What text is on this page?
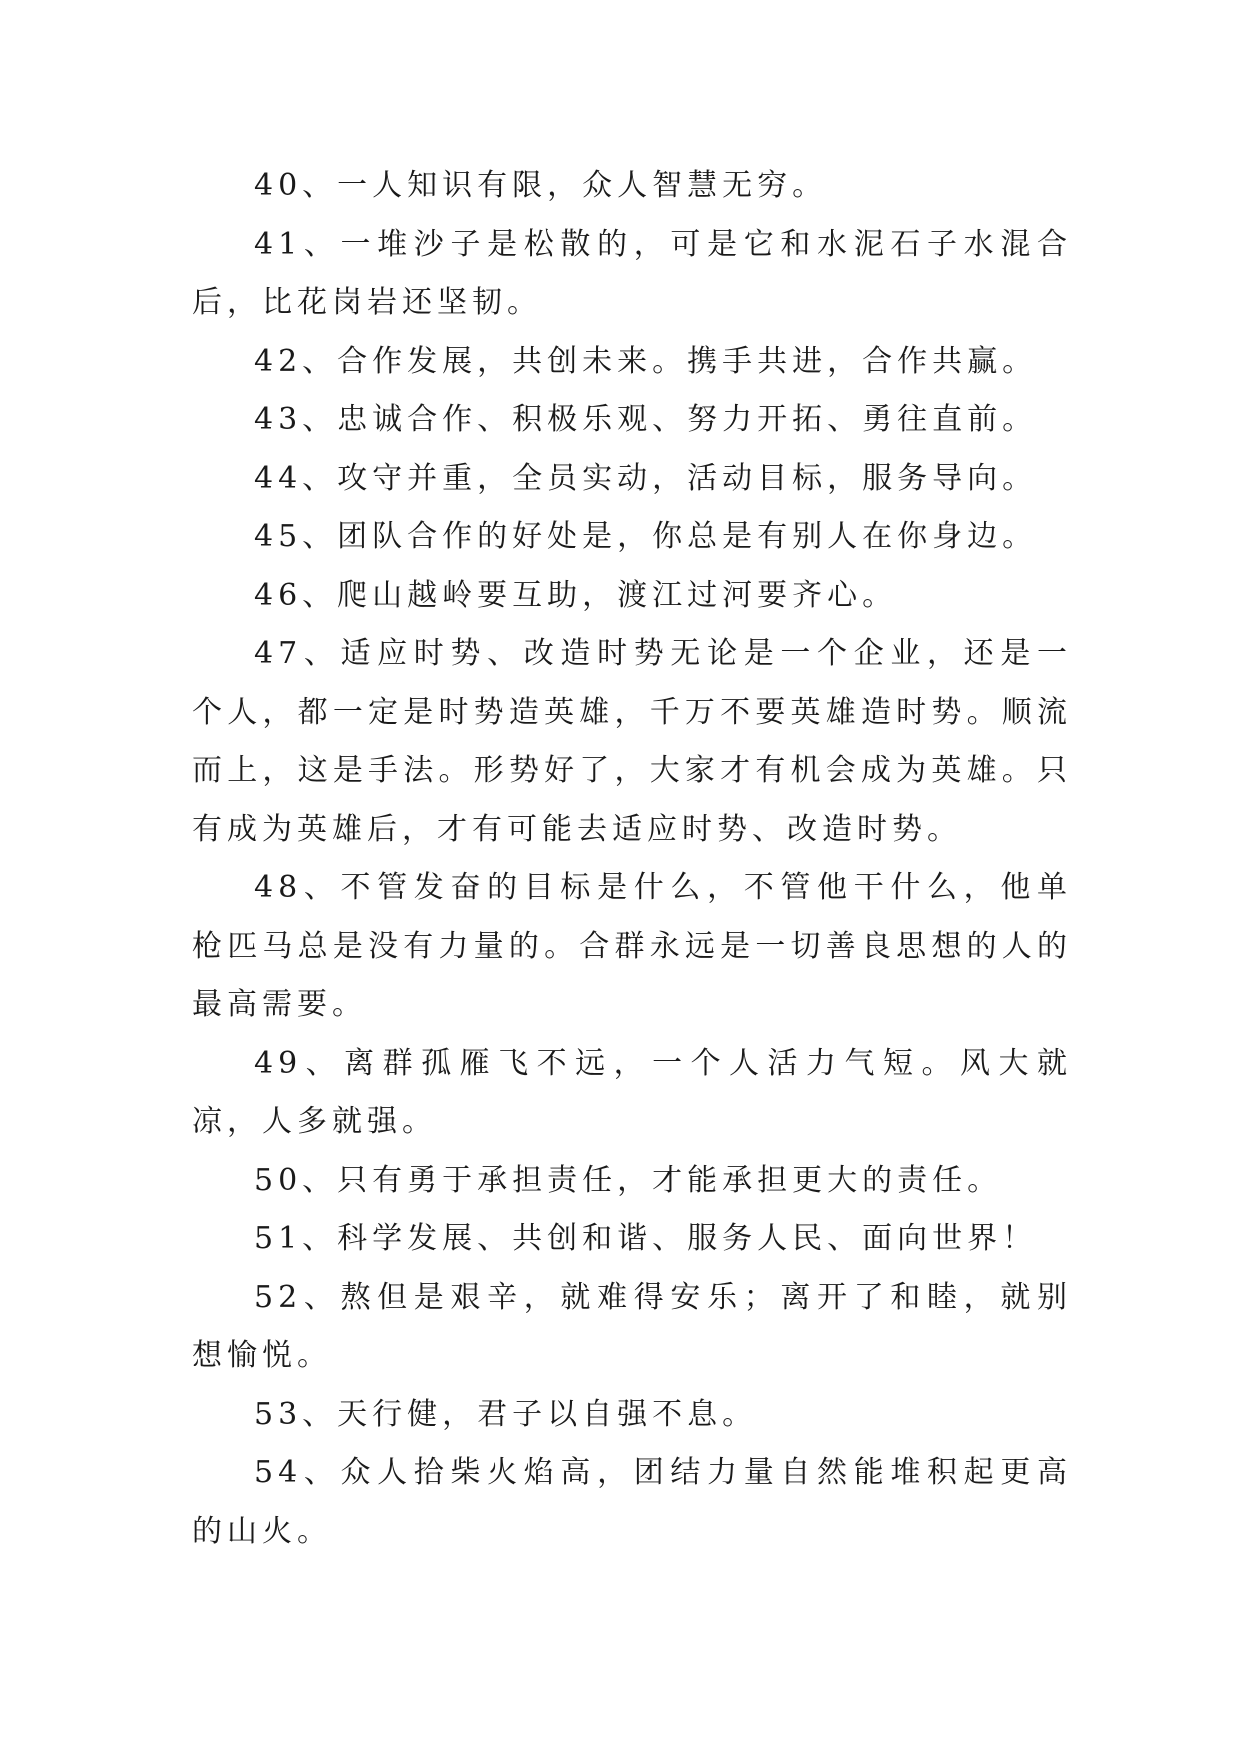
40、一人知识有限，众人智慧无穷。

41、一堆沙子是松散的，可是它和水泥石子水混合后，比花岗岩还坚韧。

42、合作发展，共创未来。携手共进，合作共赢。

43、忠诚合作、积极乐观、努力开拓、勇往直前。

44、攻守并重，全员实动，活动目标，服务导向。

45、团队合作的好处是，你总是有别人在你身边。

46、爬山越岭要互助，渡江过河要齐心。

47、适应时势、改造时势无论是一个企业，还是一个人，都一定是时势造英雄，千万不要英雄造时势。顺流而上，这是手法。形势好了，大家才有机会成为英雄。只有成为英雄后，才有可能去适应时势、改造时势。

48、不管发奋的目标是什么，不管他干什么，他单枪匹马总是没有力量的。合群永远是一切善良思想的人的最高需要。

49、离群孤雁飞不远，一个人活力气短。风大就凉，人多就强。

50、只有勇于承担责任，才能承担更大的责任。

51、科学发展、共创和谐、服务人民、面向世界！

52、熬但是艰辛，就难得安乐；离开了和睦，就别想愉悦。

53、天行健，君子以自强不息。

54、众人拾柴火焰高，团结力量自然能堆积起更高的山火。
